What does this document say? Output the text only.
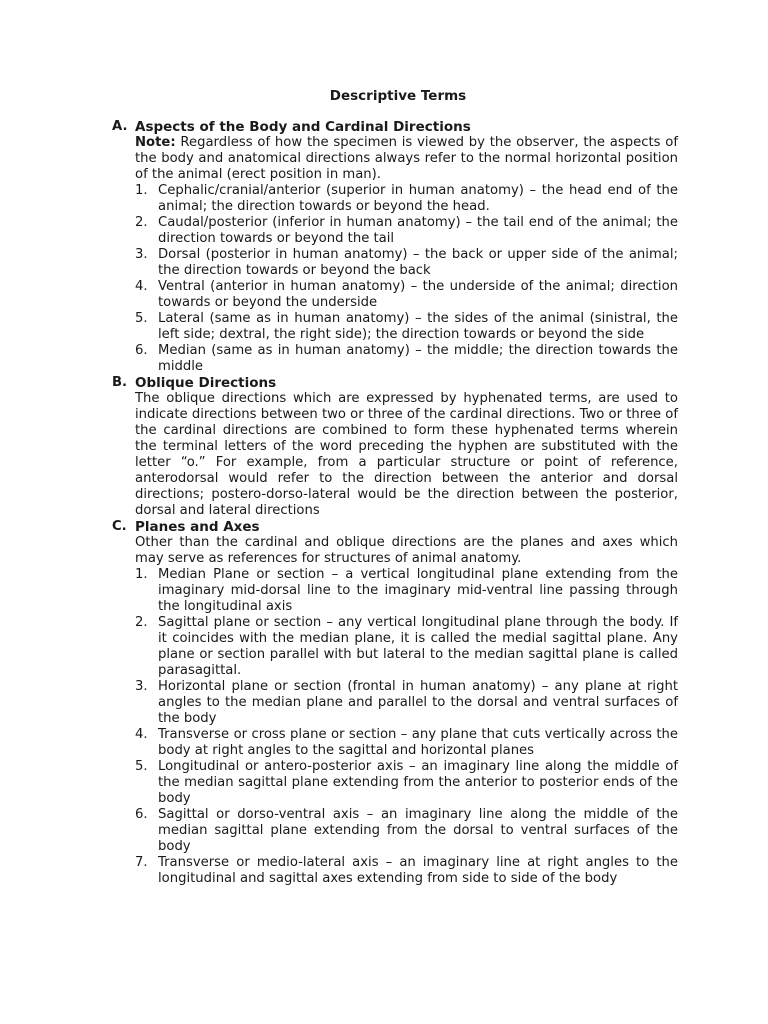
Descriptive Terms
A. Aspects of the Body and Cardinal Directions
Note: Regardless of how the specimen is viewed by the observer, the aspects of the body and anatomical directions always refer to the normal horizontal position of the animal (erect position in man).
1. Cephalic/cranial/anterior (superior in human anatomy) – the head end of the animal; the direction towards or beyond the head.
2. Caudal/posterior (inferior in human anatomy) – the tail end of the animal; the direction towards or beyond the tail
3. Dorsal (posterior in human anatomy) – the back or upper side of the animal; the direction towards or beyond the back
4. Ventral (anterior in human anatomy) – the underside of the animal; direction towards or beyond the underside
5. Lateral (same as in human anatomy) – the sides of the animal (sinistral, the left side; dextral, the right side); the direction towards or beyond the side
6. Median (same as in human anatomy) – the middle; the direction towards the middle
B. Oblique Directions
The oblique directions which are expressed by hyphenated terms, are used to indicate directions between two or three of the cardinal directions. Two or three of the cardinal directions are combined to form these hyphenated terms wherein the terminal letters of the word preceding the hyphen are substituted with the letter “o.” For example, from a particular structure or point of reference, anterodorsal would refer to the direction between the anterior and dorsal directions; postero-dorso-lateral would be the direction between the posterior, dorsal and lateral directions
C. Planes and Axes
Other than the cardinal and oblique directions are the planes and axes which may serve as references for structures of animal anatomy.
1. Median Plane or section – a vertical longitudinal plane extending from the imaginary mid-dorsal line to the imaginary mid-ventral line passing through the longitudinal axis
2. Sagittal plane or section – any vertical longitudinal plane through the body. If it coincides with the median plane, it is called the medial sagittal plane. Any plane or section parallel with but lateral to the median sagittal plane is called parasagittal.
3. Horizontal plane or section (frontal in human anatomy) – any plane at right angles to the median plane and parallel to the dorsal and ventral surfaces of the body
4. Transverse or cross plane or section – any plane that cuts vertically across the body at right angles to the sagittal and horizontal planes
5. Longitudinal or antero-posterior axis – an imaginary line along the middle of the median sagittal plane extending from the anterior to posterior ends of the body
6. Sagittal or dorso-ventral axis – an imaginary line along the middle of the median sagittal plane extending from the dorsal to ventral surfaces of the body
7. Transverse or medio-lateral axis – an imaginary line at right angles to the longitudinal and sagittal axes extending from side to side of the body
